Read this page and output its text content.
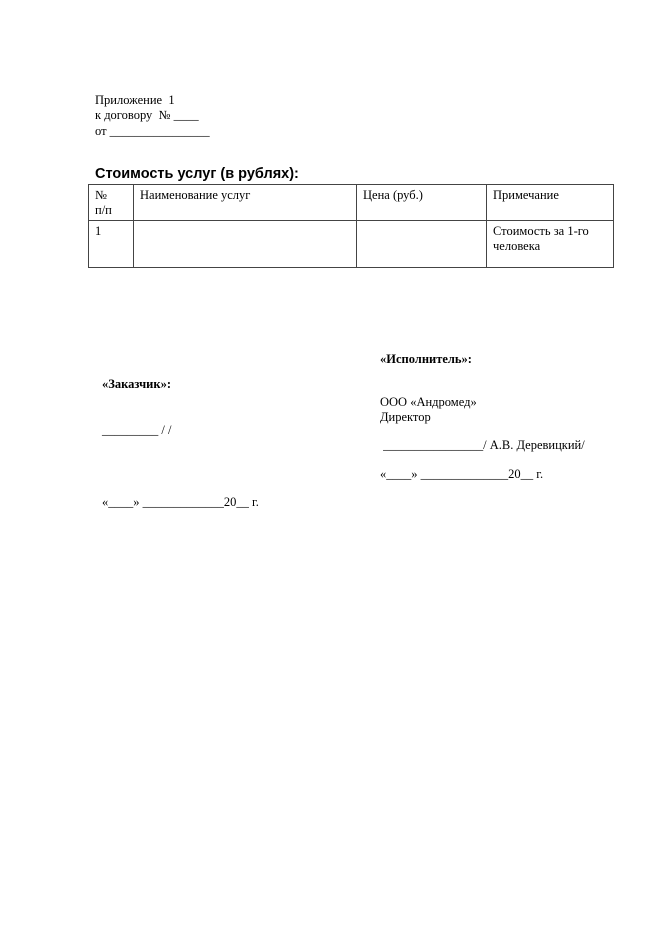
Приложение  1
к договору  № ____
от ________________
Стоимость услуг (в рублях):
№ п/п	Наименование услуг	Цена (руб.)	Примечание
1			Стоимость за 1-го человека
«Исполнитель»:
ООО «Андромед»
Директор
________________/ А.В. Деревицкий/
«____» ______________20__ г.
«Заказчик»:
_________ / /
«____» _____________20__ г.
